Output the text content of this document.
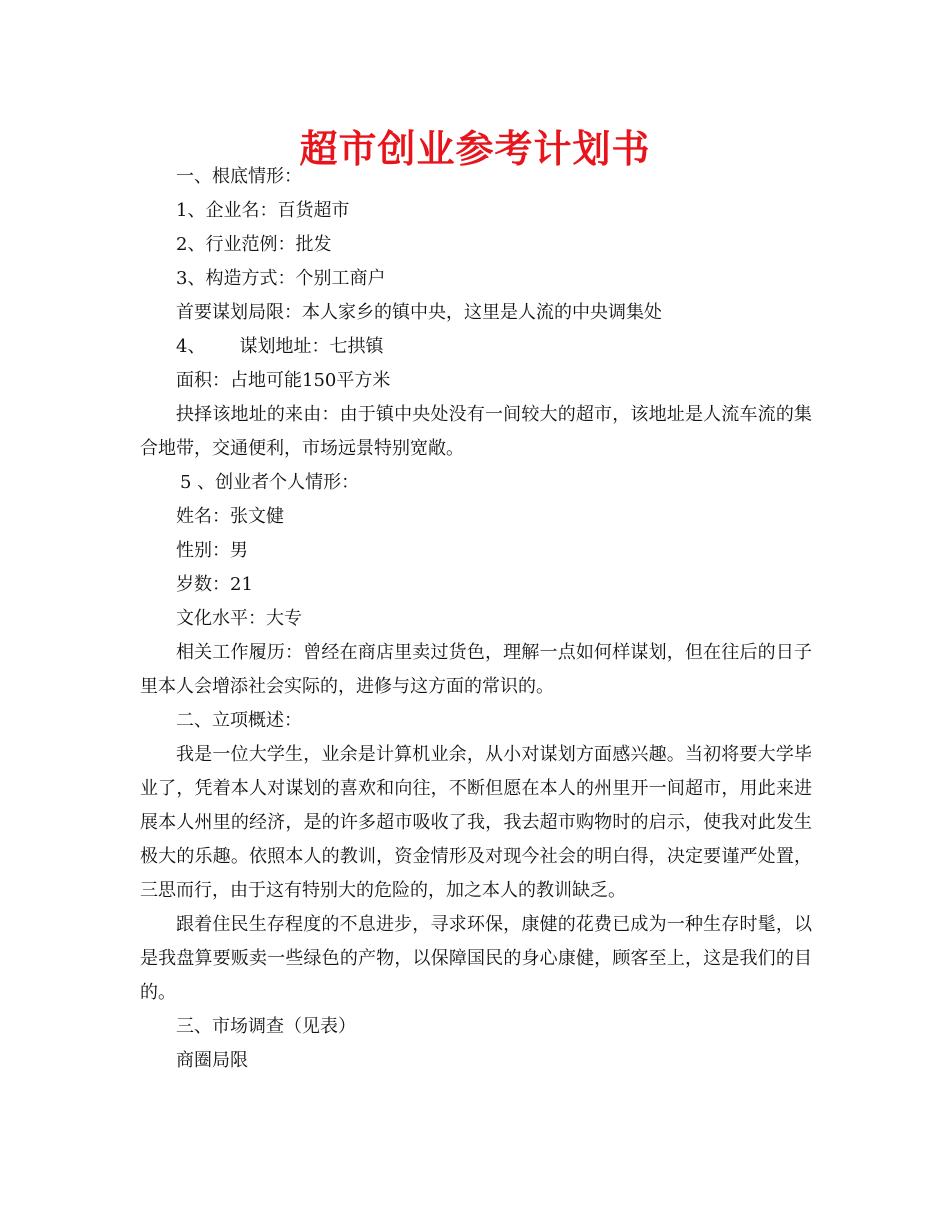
超市创业参考计划书

一、根底情形：

1、企业名：百货超市

2、行业范例：批发

3、构造方式：个别工商户

首要谋划局限：本人家乡的镇中央，这里是人流的中央调集处

4、 谋划地址：七拱镇

面积：占地可能150平方米

抉择该地址的来由：由于镇中央处没有一间较大的超市，该地址是人流车流的集合地带，交通便利，市场远景特别宽敞。

5 、创业者个人情形：

姓名：张文健

性别：男

岁数：21

文化水平：大专

相关工作履历：曾经在商店里卖过货色，理解一点如何样谋划，但在往后的日子里本人会增添社会实际的，进修与这方面的常识的。

二、立项概述：

我是一位大学生，业余是计算机业余，从小对谋划方面感兴趣。当初将要大学毕业了，凭着本人对谋划的喜欢和向往，不断但愿在本人的州里开一间超市，用此来进展本人州里的经济，是的许多超市吸收了我，我去超市购物时的启示，使我对此发生极大的乐趣。依照本人的教训，资金情形及对现今社会的明白得，决定要谨严处置，三思而行，由于这有特别大的危险的，加之本人的教训缺乏。

跟着住民生存程度的不息进步，寻求环保，康健的花费已成为一种生存时髦，以是我盘算要贩卖一些绿色的产物，以保障国民的身心康健，顾客至上，这是我们的目的。

三、市场调查（见表）

商圈局限
